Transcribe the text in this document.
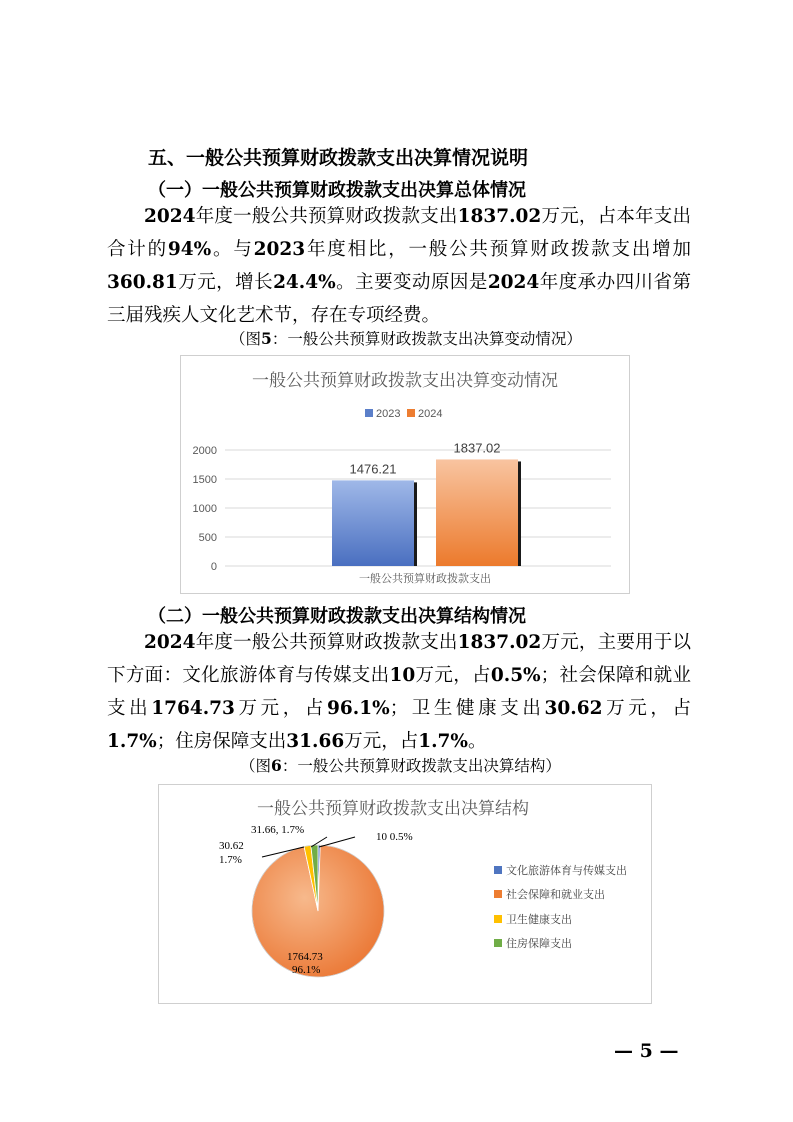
五、一般公共预算财政拨款支出决算情况说明
（一）一般公共预算财政拨款支出决算总体情况
2024年度一般公共预算财政拨款支出1837.02万元，占本年支出合计的94%。与2023年度相比，一般公共预算财政拨款支出增加360.81万元，增长24.4%。主要变动原因是2024年度承办四川省第三届残疾人文化艺术节，存在专项经费。
（图5：一般公共预算财政拨款支出决算变动情况）
一般公共预算财政拨款支出决算变动情况
2023 2024
0
500
1000
1500
2000
1476.21
1837.02
一般公共预算财政拨款支出
（二）一般公共预算财政拨款支出决算结构情况
2024年度一般公共预算财政拨款支出1837.02万元，主要用于以下方面：文化旅游体育与传媒支出10万元，占0.5%；社会保障和就业支出1764.73万元，占96.1%；卫生健康支出30.62万元，占1.7%；住房保障支出31.66万元，占1.7%。
（图6：一般公共预算财政拨款支出决算结构）
一般公共预算财政拨款支出决算结构
31.66, 1.7%
10 0.5%
30.62
1.7%
1764.73
96.1%
文化旅游体育与传媒支出
社会保障和就业支出
卫生健康支出
住房保障支出
— 5 —
